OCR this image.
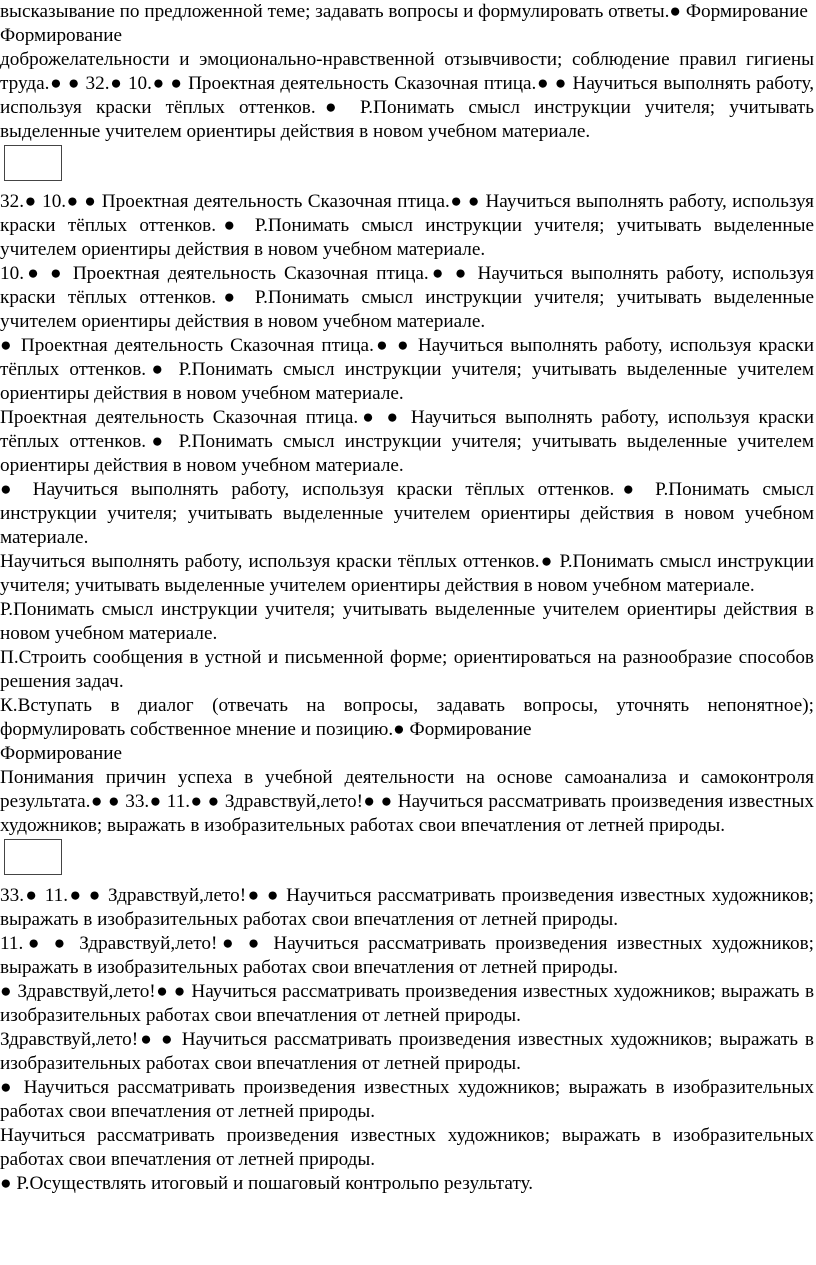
высказывание по предложенной теме; задавать вопросы и формулировать ответы.● Формирование

Формирование

доброжелательности и эмоционально-нравственной отзывчивости; соблюдение правил гигиены труда.● ● 32.● 10.● ● Проектная деятельность Сказочная птица.● ● Научиться выполнять работу, используя краски тёплых оттенков.● Р.Понимать смысл инструкции учителя; учитывать выделенные учителем ориентиры действия в новом учебном материале.

32.● 10.● ● Проектная деятельность Сказочная птица.● ● Научиться выполнять работу, используя краски тёплых оттенков.● Р.Понимать смысл инструкции учителя; учитывать выделенные учителем ориентиры действия в новом учебном материале.

10.● ● Проектная деятельность Сказочная птица.● ● Научиться выполнять работу, используя краски тёплых оттенков.● Р.Понимать смысл инструкции учителя; учитывать выделенные учителем ориентиры действия в новом учебном материале.

● Проектная деятельность Сказочная птица.● ● Научиться выполнять работу, используя краски тёплых оттенков.● Р.Понимать смысл инструкции учителя; учитывать выделенные учителем ориентиры действия в новом учебном материале.

Проектная деятельность Сказочная птица.● ● Научиться выполнять работу, используя краски тёплых оттенков.● Р.Понимать смысл инструкции учителя; учитывать выделенные учителем ориентиры действия в новом учебном материале.

● Научиться выполнять работу, используя краски тёплых оттенков.● Р.Понимать смысл инструкции учителя; учитывать выделенные учителем ориентиры действия в новом учебном материале.

Научиться выполнять работу, используя краски тёплых оттенков.● Р.Понимать смысл инструкции учителя; учитывать выделенные учителем ориентиры действия в новом учебном материале.

Р.Понимать смысл инструкции учителя; учитывать выделенные учителем ориентиры действия в новом учебном материале.

П.Строить сообщения в устной и письменной форме; ориентироваться на разнообразие способов решения задач.

К.Вступать в диалог (отвечать на вопросы, задавать вопросы, уточнять непонятное); формулировать собственное мнение и позицию.● Формирование

Формирование

Понимания причин успеха в учебной деятельности на основе самоанализа и самоконтроля результата.● ● 33.● 11.● ● Здравствуй,лето!● ● Научиться рассматривать произведения известных художников; выражать в изобразительных работах свои впечатления от летней природы.

33.● 11.● ● Здравствуй,лето!● ● Научиться рассматривать произведения известных художников; выражать в изобразительных работах свои впечатления от летней природы.

11.● ● Здравствуй,лето!● ● Научиться рассматривать произведения известных художников; выражать в изобразительных работах свои впечатления от летней природы.

● Здравствуй,лето!● ● Научиться рассматривать произведения известных художников; выражать в изобразительных работах свои впечатления от летней природы.

Здравствуй,лето!● ● Научиться рассматривать произведения известных художников; выражать в изобразительных работах свои впечатления от летней природы.

● Научиться рассматривать произведения известных художников; выражать в изобразительных работах свои впечатления от летней природы.

Научиться рассматривать произведения известных художников; выражать в изобразительных работах свои впечатления от летней природы.

● Р.Осуществлять итоговый и пошаговый контрольпо результату.
